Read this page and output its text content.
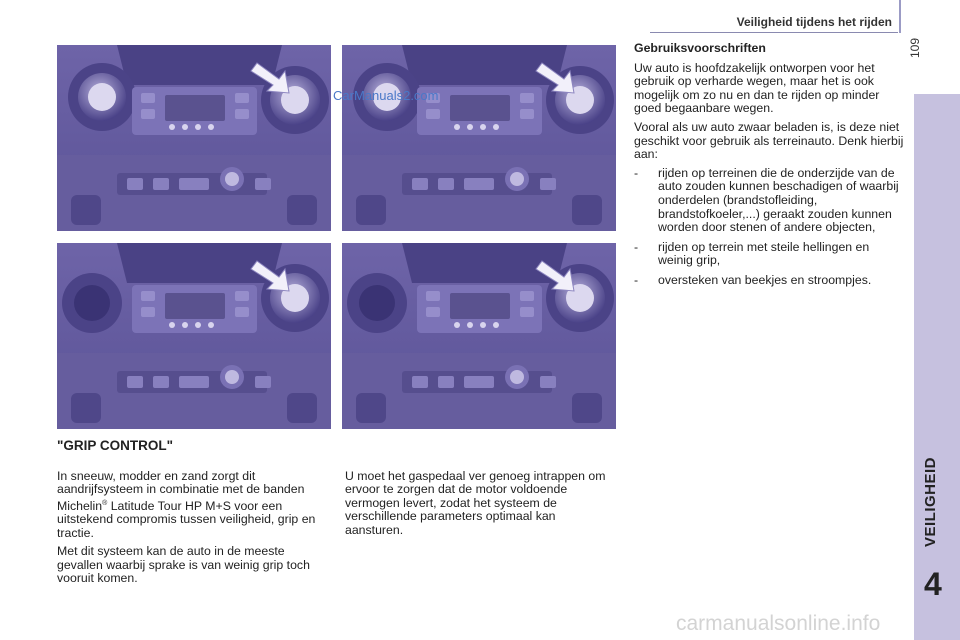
Veiligheid tijdens het rijden
109
VEILIGHEID
4
CarManuals2.com
Gebruiksvoorschriften

Uw auto is hoofdzakelijk ontworpen voor het gebruik op verharde wegen, maar het is ook mogelijk om zo nu en dan te rijden op minder goed begaanbare wegen.

Vooral als uw auto zwaar beladen is, is deze niet geschikt voor gebruik als terreinauto. Denk hierbij aan:

- rijden op terreinen die de onderzijde van de auto zouden kunnen beschadigen of waarbij onderdelen (brandstofleiding, brandstofkoeler,...) geraakt zouden kunnen worden door stenen of andere objecten,
- rijden op terrein met steile hellingen en weinig grip,
- oversteken van beekjes en stroompjes.
"GRIP CONTROL"

In sneeuw, modder en zand zorgt dit aandrijfsysteem in combinatie met de banden Michelin® Latitude Tour HP M+S voor een uitstekend compromis tussen veiligheid, grip en tractie.

Met dit systeem kan de auto in de meeste gevallen waarbij sprake is van weinig grip toch vooruit komen.

U moet het gaspedaal ver genoeg intrappen om ervoor te zorgen dat de motor voldoende vermogen levert, zodat het systeem de verschillende parameters optimaal kan aansturen.

carmanualsonline.info
